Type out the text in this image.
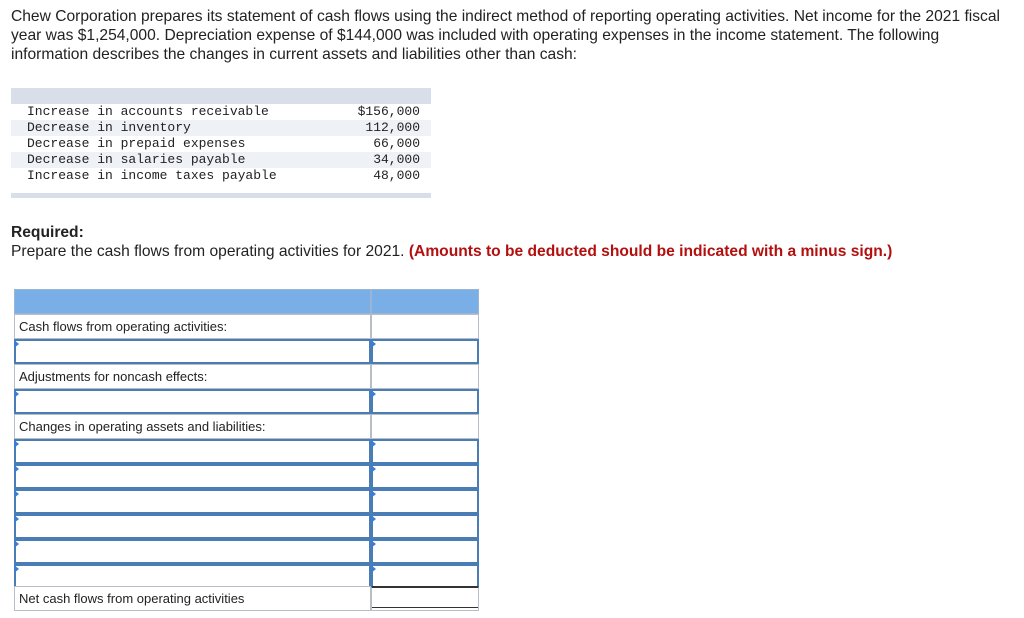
Chew Corporation prepares its statement of cash flows using the indirect method of reporting operating activities. Net income for the 2021 fiscal year was $1,254,000. Depreciation expense of $144,000 was included with operating expenses in the income statement. The following information describes the changes in current assets and liabilities other than cash:

Increase in accounts receivable	$156,000
Decrease in inventory	112,000
Decrease in prepaid expenses	66,000
Decrease in salaries payable	34,000
Increase in income taxes payable	48,000
Required:
Prepare the cash flows from operating activities for 2021. (Amounts to be deducted should be indicated with a minus sign.)
Cash flows from operating activities:
Adjustments for noncash effects:
Changes in operating assets and liabilities:
Net cash flows from operating activities
